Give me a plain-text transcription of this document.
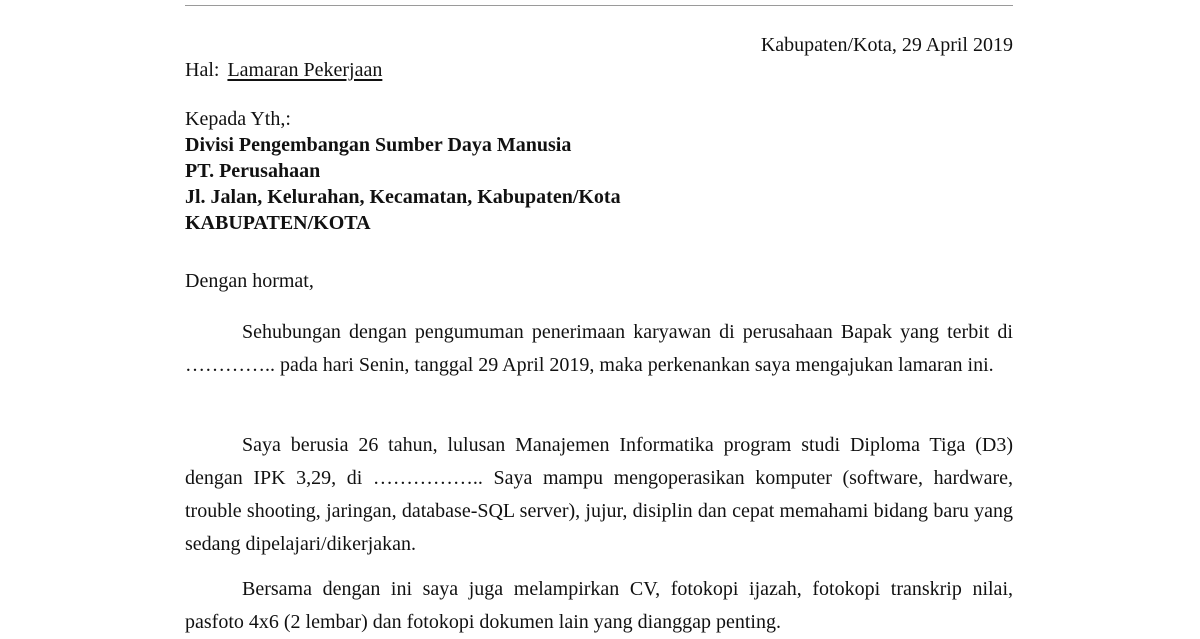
Kabupaten/Kota, 29 April 2019
Hal: Lamaran Pekerjaan
Kepada Yth,:
Divisi Pengembangan Sumber Daya Manusia
PT. Perusahaan
Jl. Jalan, Kelurahan, Kecamatan, Kabupaten/Kota
KABUPATEN/KOTA
Dengan hormat,

Sehubungan dengan pengumuman penerimaan karyawan di perusahaan Bapak yang terbit di ………….. pada hari Senin, tanggal 29 April 2019, maka perkenankan saya mengajukan lamaran ini.

Saya berusia 26 tahun, lulusan Manajemen Informatika program studi Diploma Tiga (D3) dengan IPK 3,29, di …………….. Saya mampu mengoperasikan komputer (software, hardware, trouble shooting, jaringan, database-SQL server), jujur, disiplin dan cepat memahami bidang baru yang sedang dipelajari/dikerjakan.

Bersama dengan ini saya juga melampirkan CV, fotokopi ijazah, fotokopi transkrip nilai, pasfoto 4x6 (2 lembar) dan fotokopi dokumen lain yang dianggap penting.
